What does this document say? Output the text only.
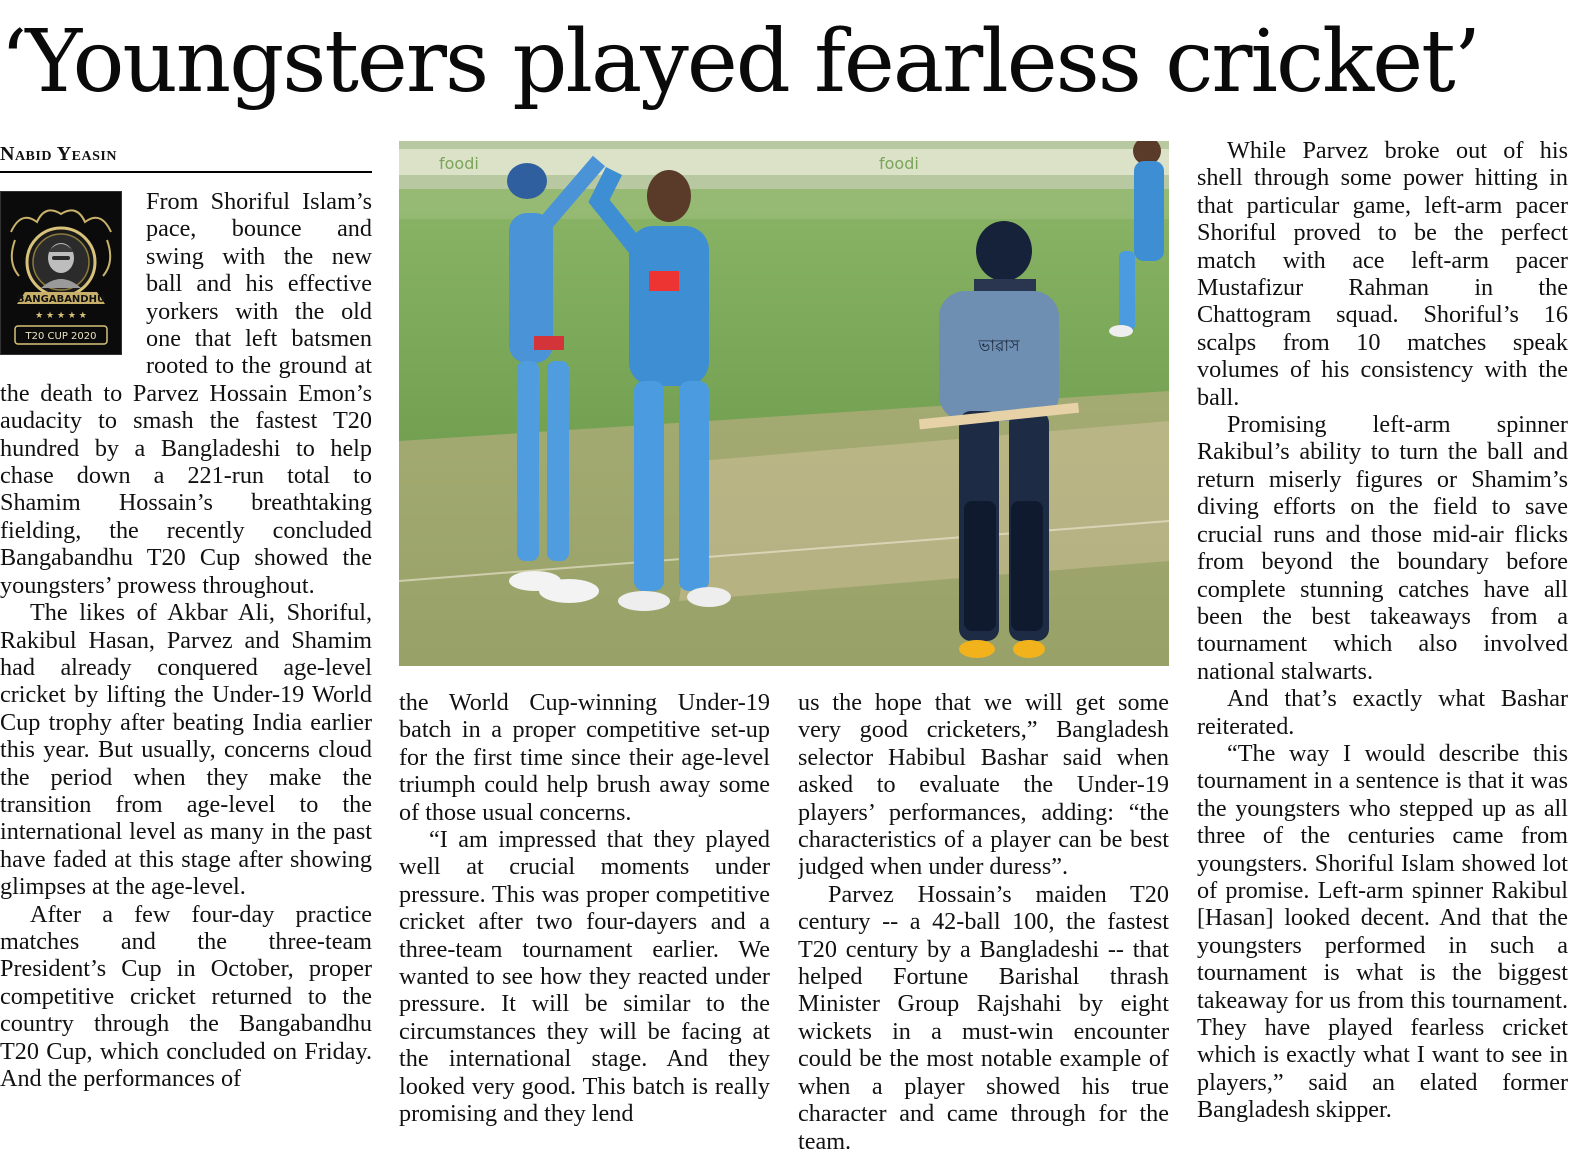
‘Youngsters played fearless cricket’
Nabid Yeasin
BANGABANDHU
★ ★ ★ ★ ★
T20 CUP 2020

From Shoriful Islam’s pace, bounce and swing with the new ball and his effective yorkers with the old one that left batsmen rooted to the ground at the death to Parvez Hossain Emon’s audacity to smash the fastest T20 hundred by a Bangladeshi to help chase down a 221-run total to Shamim Hossain’s breathtaking fielding, the recently concluded Bangabandhu T20 Cup showed the youngsters’ prowess throughout.

The likes of Akbar Ali, Shoriful, Rakibul Hasan, Parvez and Shamim had already conquered age-level cricket by lifting the Under-19 World Cup trophy after beating India earlier this year. But usually, concerns cloud the period when they make the transition from age-level to the international level as many in the past have faded at this stage after showing glimpses at the age-level.

After a few four-day practice matches and the three-team President’s Cup in October, proper competitive cricket returned to the country through the Bangabandhu T20 Cup, which concluded on Friday. And the performances of

foodi	foodi
ভাৱাস

the World Cup-winning Under-19 batch in a proper competitive set-up for the first time since their age-level triumph could help brush away some of those usual concerns.

“I am impressed that they played well at crucial moments under pressure. This was proper competitive cricket after two four-dayers and a three-team tournament earlier. We wanted to see how they reacted under pressure. It will be similar to the circumstances they will be facing at the international stage. And they looked very good. This batch is really promising and they lend

us the hope that we will get some very good cricketers,” Bangladesh selector Habibul Bashar said when asked to evaluate the Under-19 players’ performances, adding: “the characteristics of a player can be best judged when under duress”.

Parvez Hossain’s maiden T20 century -- a 42-ball 100, the fastest T20 century by a Bangladeshi -- that helped Fortune Barishal thrash Minister Group Rajshahi by eight wickets in a must-win encounter could be the most notable example of when a player showed his true character and came through for the team.

While Parvez broke out of his shell through some power hitting in that particular game, left-arm pacer Shoriful proved to be the perfect match with ace left-arm pacer Mustafizur Rahman in the Chattogram squad. Shoriful’s 16 scalps from 10 matches speak volumes of his consistency with the ball.

Promising left-arm spinner Rakibul’s ability to turn the ball and return miserly figures or Shamim’s diving efforts on the field to save crucial runs and those mid-air flicks from beyond the boundary before complete stunning catches have all been the best takeaways from a tournament which also involved national stalwarts.

And that’s exactly what Bashar reiterated.

“The way I would describe this tournament in a sentence is that it was the youngsters who stepped up as all three of the centuries came from youngsters. Shoriful Islam showed lot of promise. Left-arm spinner Rakibul [Hasan] looked decent. And that the youngsters performed in such a tournament is what is the biggest takeaway for us from this tournament. They have played fearless cricket which is exactly what I want to see in players,” said an elated former Bangladesh skipper.
